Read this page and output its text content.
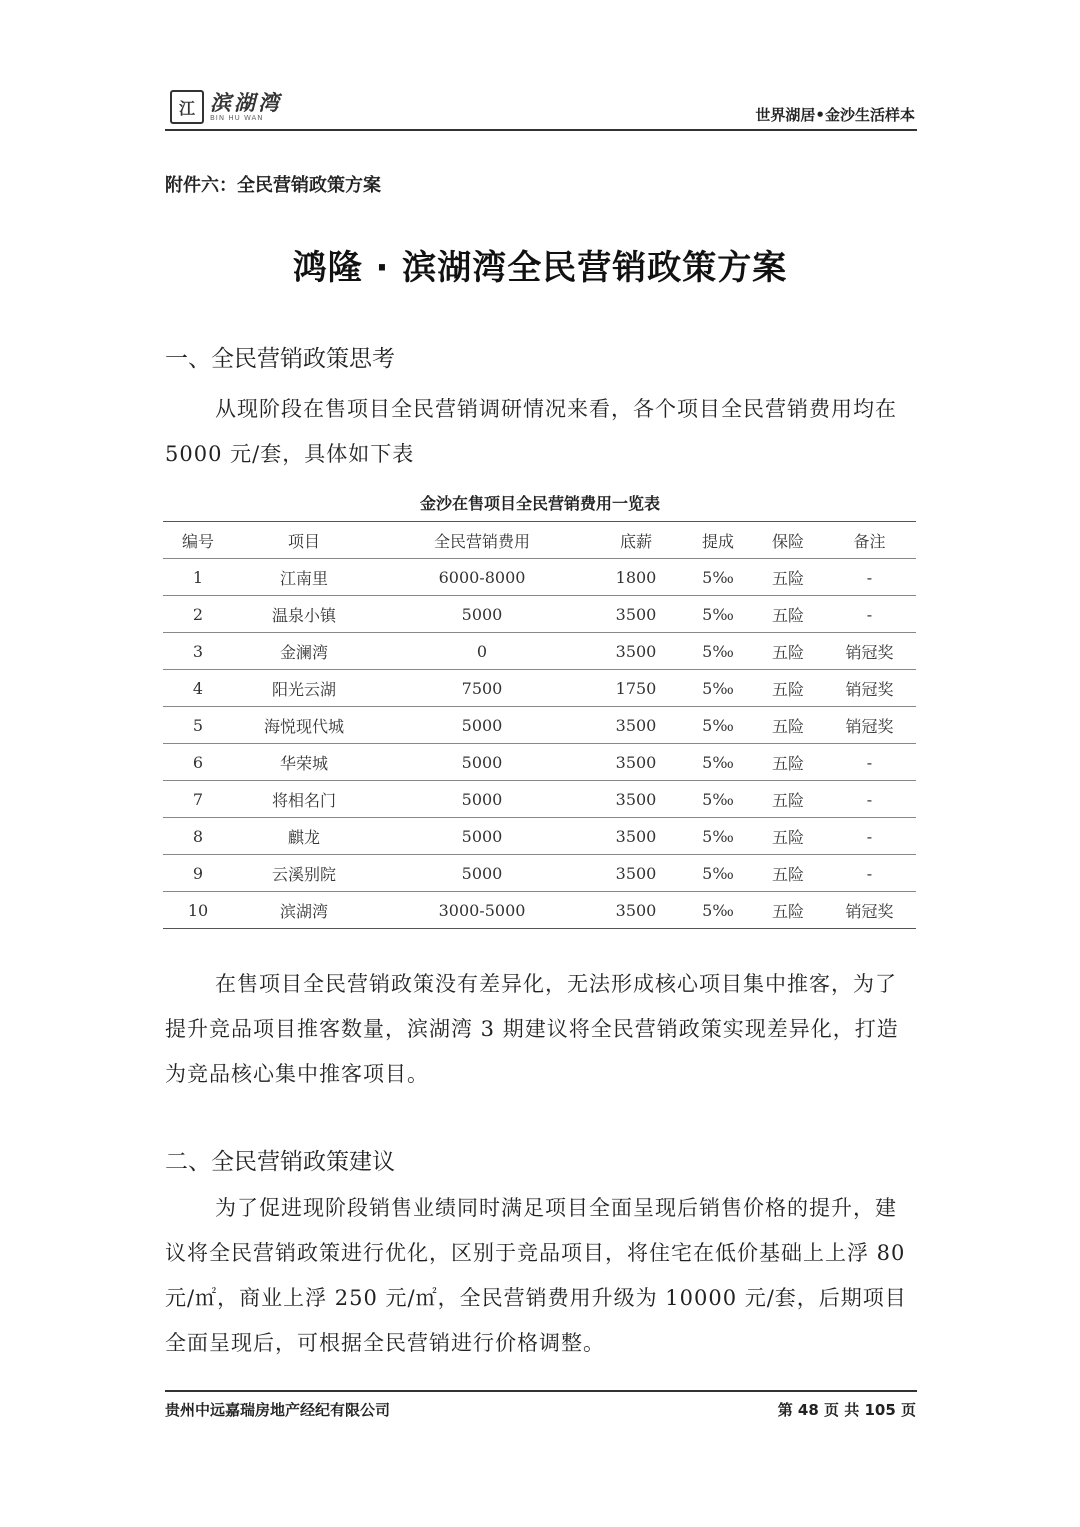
江 滨湖湾
BIN HU WAN	世界湖居•金沙生活样本
附件六：全民营销政策方案
鸿隆 · 滨湖湾全民营销政策方案
一、全民营销政策思考
从现阶段在售项目全民营销调研情况来看，各个项目全民营销费用均在 5000 元/套，具体如下表
金沙在售项目全民营销费用一览表
编号	项目	全民营销费用	底薪	提成	保险	备注
1	江南里	6000-8000	1800	5‰	五险	-
2	温泉小镇	5000	3500	5‰	五险	-
3	金澜湾	0	3500	5‰	五险	销冠奖
4	阳光云湖	7500	1750	5‰	五险	销冠奖
5	海悦现代城	5000	3500	5‰	五险	销冠奖
6	华荣城	5000	3500	5‰	五险	-
7	将相名门	5000	3500	5‰	五险	-
8	麒龙	5000	3500	5‰	五险	-
9	云溪别院	5000	3500	5‰	五险	-
10	滨湖湾	3000-5000	3500	5‰	五险	销冠奖
在售项目全民营销政策没有差异化，无法形成核心项目集中推客，为了提升竞品项目推客数量，滨湖湾 3 期建议将全民营销政策实现差异化，打造为竞品核心集中推客项目。
二、全民营销政策建议
为了促进现阶段销售业绩同时满足项目全面呈现后销售价格的提升，建议将全民营销政策进行优化，区别于竞品项目，将住宅在低价基础上上浮 80 元/㎡，商业上浮 250 元/㎡，全民营销费用升级为 10000 元/套，后期项目全面呈现后，可根据全民营销进行价格调整。
贵州中远嘉瑞房地产经纪有限公司	第 48 页 共 105 页
